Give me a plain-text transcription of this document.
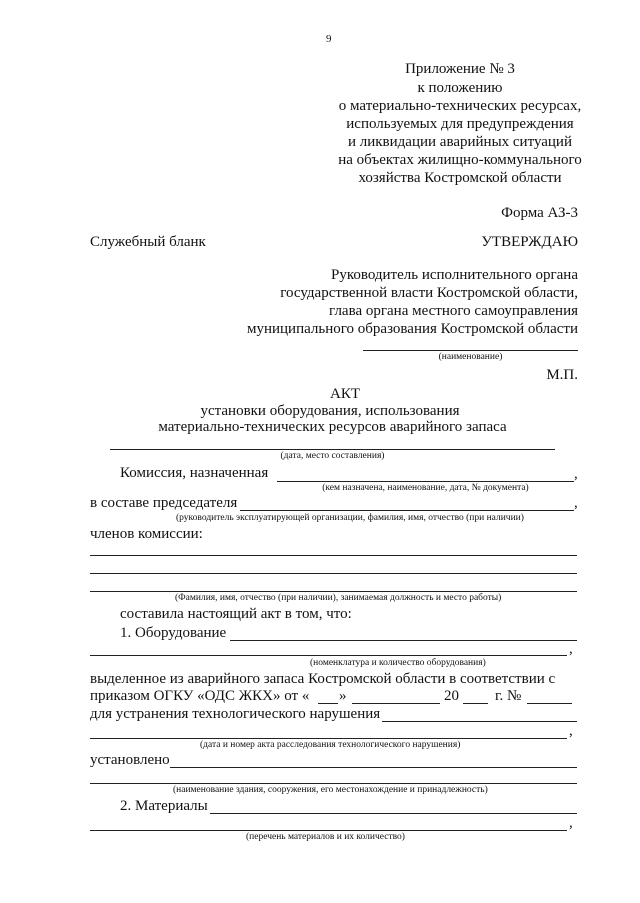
9
Приложение № 3
к положению
о материально-технических ресурсах,
используемых для предупреждения
и ликвидации аварийных ситуаций
на объектах жилищно-коммунального
хозяйства Костромской области
Форма АЗ-3
Служебный бланк	УТВЕРЖДАЮ
Руководитель исполнительного органа
государственной власти Костромской области,
глава органа местного самоуправления
муниципального образования Костромской области
(наименование)
М.П.
АКТ
установки оборудования, использования
материально-технических ресурсов аварийного запаса
(дата, место составления)
Комиссия, назначенная	,
(кем назначена, наименование, дата, № документа)
в составе председателя	,
(руководитель эксплуатирующей организации, фамилия, имя, отчество (при наличии)
членов комиссии:
(Фамилия, имя, отчество (при наличии), занимаемая должность и место работы)
составила настоящий акт в том, что:
1. Оборудование
,
(номенклатура и количество оборудования)
выделенное из аварийного запаса Костромской области в соответствии с
приказом ОГКУ «ОДС ЖКХ» от « »	20 г. №
для устранения технологического нарушения
,
(дата и номер акта расследования технологического нарушения)
установлено
(наименование здания, сооружения, его местонахождение и принадлежность)
2. Материалы
,
(перечень материалов и их количество)
